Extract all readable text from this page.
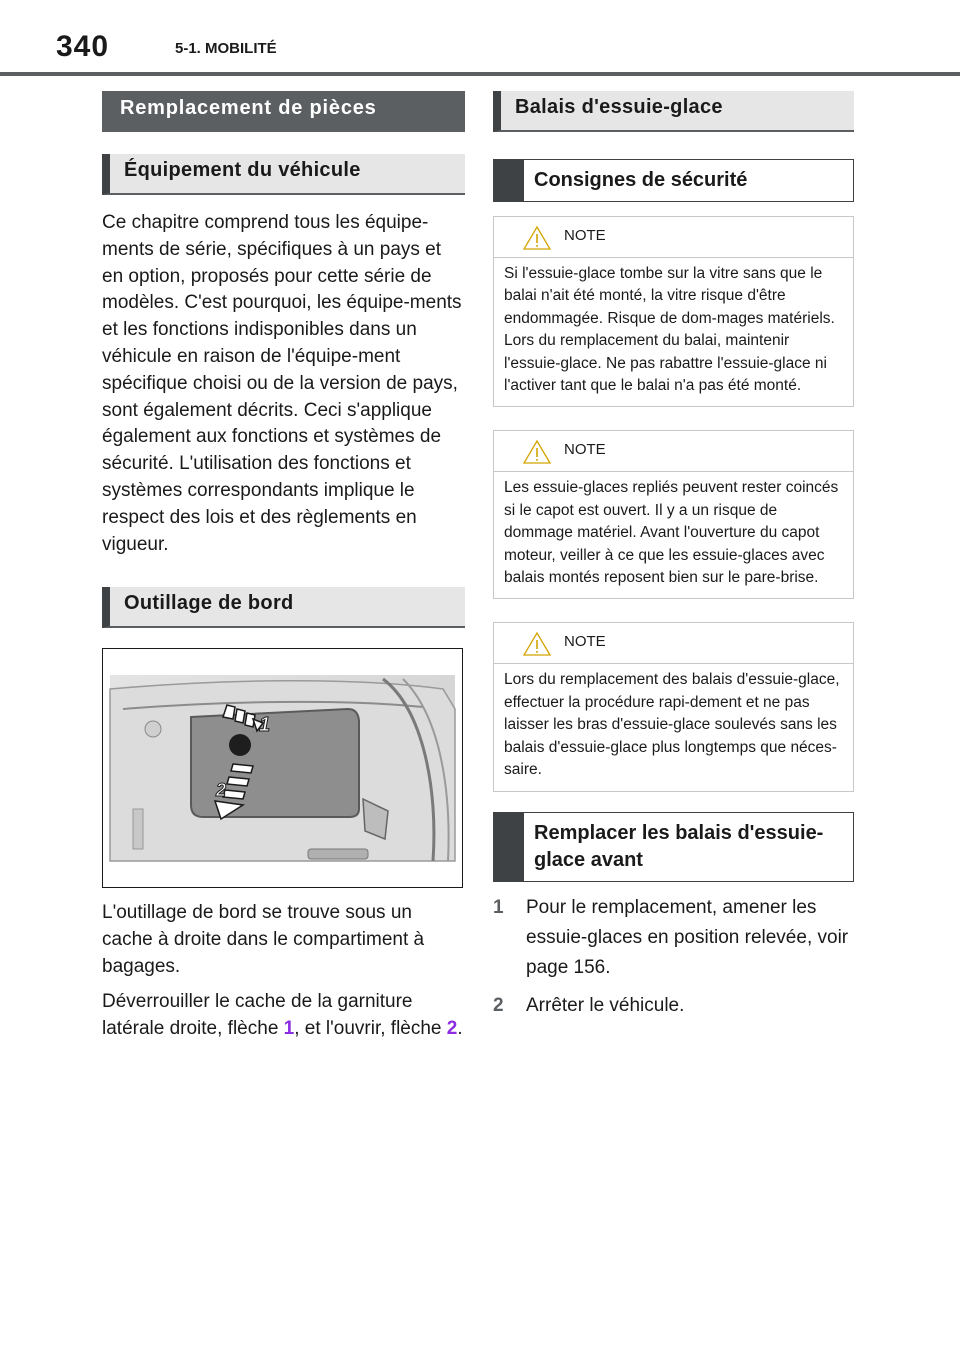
340	5-1. MOBILITÉ
Remplacement de pièces
Équipement du véhicule

Ce chapitre comprend tous les équipe-ments de série, spécifiques à un pays et en option, proposés pour cette série de modèles. C'est pourquoi, les équipe-ments et les fonctions indisponibles dans un véhicule en raison de l'équipe-ment spécifique choisi ou de la version de pays, sont également décrits. Ceci s'applique également aux fonctions et systèmes de sécurité. L'utilisation des fonctions et systèmes correspondants implique le respect des lois et des règlements en vigueur.

Outillage de bord
1
2

L'outillage de bord se trouve sous un cache à droite dans le compartiment à bagages.

Déverrouiller le cache de la garniture latérale droite, flèche 1, et l'ouvrir, flèche 2.

Balais d'essuie-glace
Consignes de sécurité
NOTE
Si l'essuie-glace tombe sur la vitre sans que le balai n'ait été monté, la vitre risque d'être endommagée. Risque de dom-mages matériels. Lors du remplacement du balai, maintenir l'essuie-glace. Ne pas rabattre l'essuie-glace ni l'activer tant que le balai n'a pas été monté.
NOTE
Les essuie-glaces repliés peuvent rester coincés si le capot est ouvert. Il y a un risque de dommage matériel. Avant l'ouverture du capot moteur, veiller à ce que les essuie-glaces avec balais montés reposent bien sur le pare-brise.
NOTE
Lors du remplacement des balais d'essuie-glace, effectuer la procédure rapi-dement et ne pas laisser les bras d'essuie-glace soulevés sans les balais d'essuie-glace plus longtemps que néces-saire.
Remplacer les balais d'essuie-glace avant
1	Pour le remplacement, amener les essuie-glaces en position relevée, voir page 156.
2	Arrêter le véhicule.
